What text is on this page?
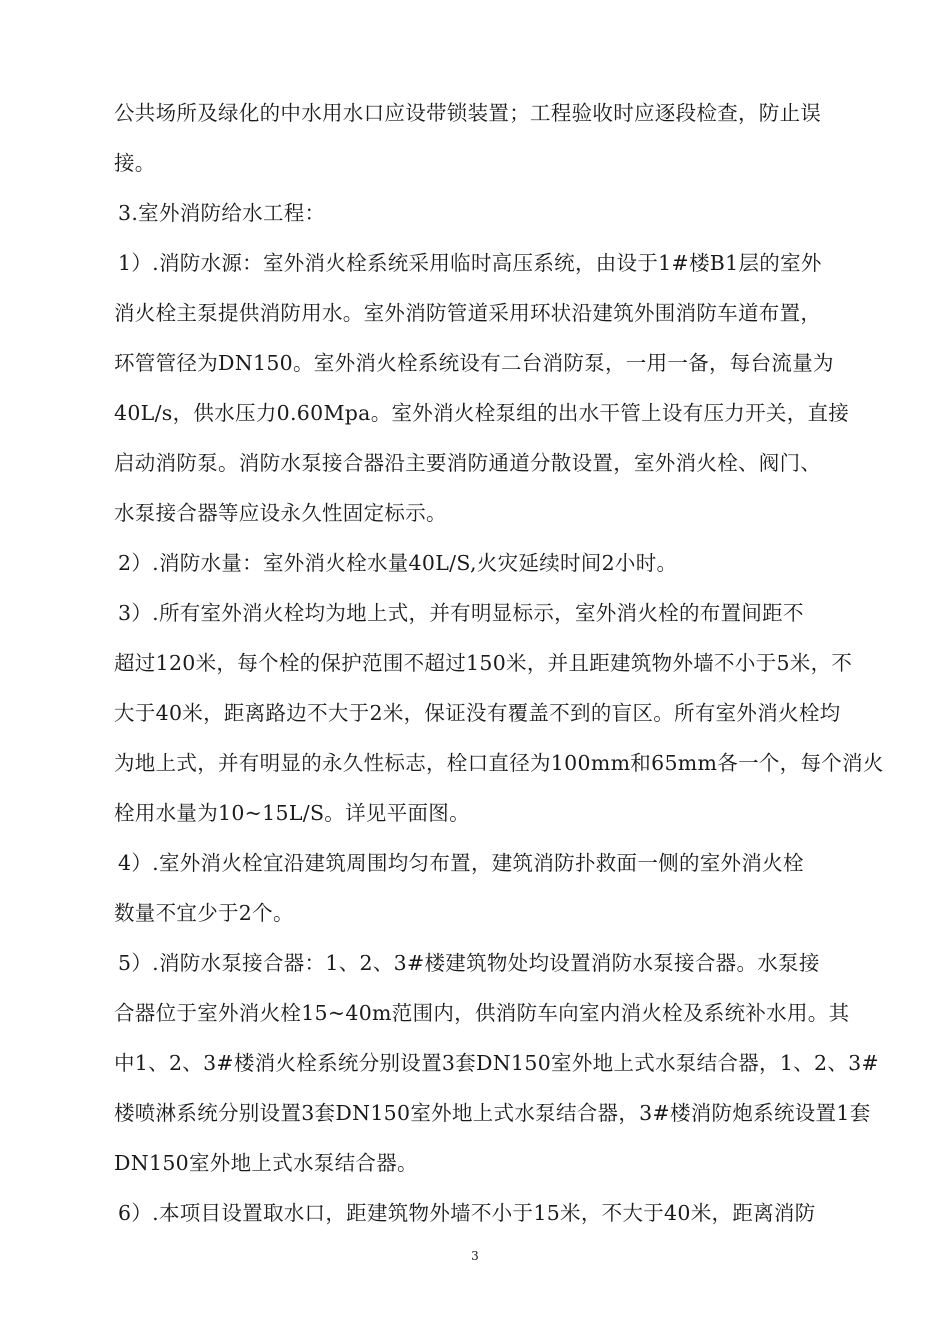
公共场所及绿化的中水用水口应设带锁装置；工程验收时应逐段检查，防止误
接。
3.室外消防给水工程：
1）.消防水源：室外消火栓系统采用临时高压系统，由设于1#楼B1层的室外
消火栓主泵提供消防用水。室外消防管道采用环状沿建筑外围消防车道布置，
环管管径为DN150。室外消火栓系统设有二台消防泵，一用一备，每台流量为
40L/s，供水压力0.60Mpa。室外消火栓泵组的出水干管上设有压力开关，直接
启动消防泵。消防水泵接合器沿主要消防通道分散设置，室外消火栓、阀门、
水泵接合器等应设永久性固定标示。
2）.消防水量：室外消火栓水量40L/S,火灾延续时间2小时。
3）.所有室外消火栓均为地上式，并有明显标示，室外消火栓的布置间距不
超过120米，每个栓的保护范围不超过150米，并且距建筑物外墙不小于5米，不
大于40米，距离路边不大于2米，保证没有覆盖不到的盲区。所有室外消火栓均
为地上式，并有明显的永久性标志，栓口直径为100mm和65mm各一个，每个消火
栓用水量为10~15L/S。详见平面图。
4）.室外消火栓宜沿建筑周围均匀布置，建筑消防扑救面一侧的室外消火栓
数量不宜少于2个。
5）.消防水泵接合器：1、2、3#楼建筑物处均设置消防水泵接合器。水泵接
合器位于室外消火栓15~40m范围内，供消防车向室内消火栓及系统补水用。其
中1、2、3#楼消火栓系统分别设置3套DN150室外地上式水泵结合器，1、2、3#
楼喷淋系统分别设置3套DN150室外地上式水泵结合器，3#楼消防炮系统设置1套
DN150室外地上式水泵结合器。
6）.本项目设置取水口，距建筑物外墙不小于15米，不大于40米，距离消防
3
